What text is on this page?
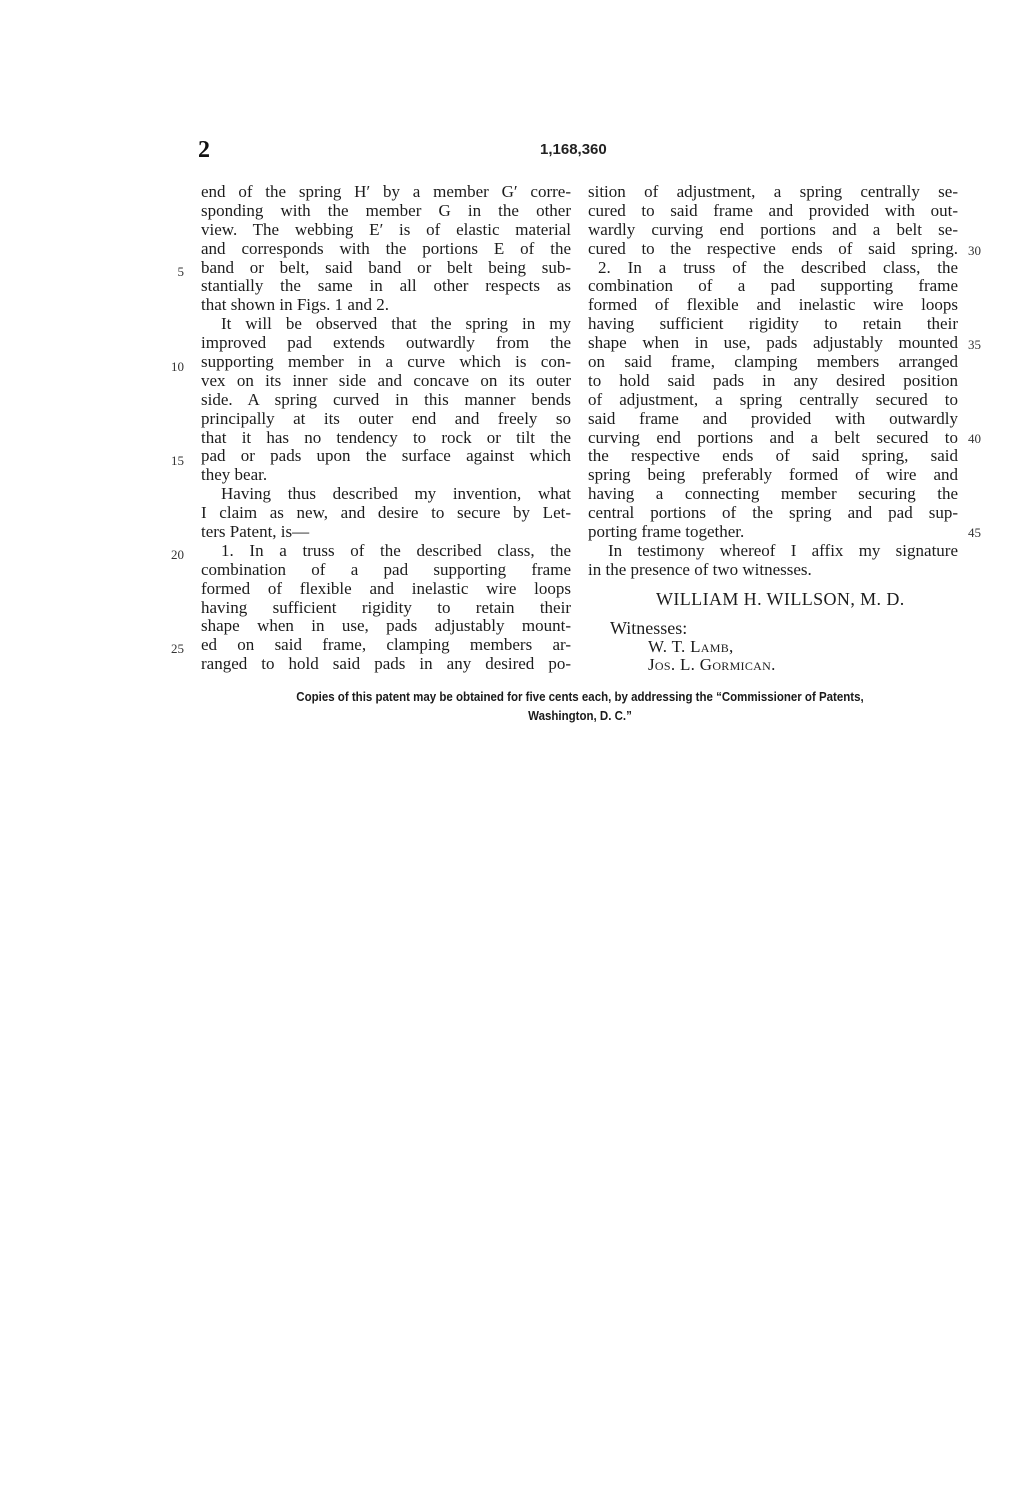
2	1,168,360
end of the spring H′ by a member G′ corre-
sponding with the member G in the other
view. The webbing E′ is of elastic material
and corresponds with the portions E of the
band or belt, said band or belt being sub-
stantially the same in all other respects as
that shown in Figs. 1 and 2.
It will be observed that the spring in my
improved pad extends outwardly from the
supporting member in a curve which is con-
vex on its inner side and concave on its outer
side. A spring curved in this manner bends
principally at its outer end and freely so
that it has no tendency to rock or tilt the
pad or pads upon the surface against which
they bear.
Having thus described my invention, what
I claim as new, and desire to secure by Let-
ters Patent, is—
1. In a truss of the described class, the
combination of a pad supporting frame
formed of flexible and inelastic wire loops
having sufficient rigidity to retain their
shape when in use, pads adjustably mount-
ed on said frame, clamping members ar-
ranged to hold said pads in any desired po-
5
10
15
20
25
sition of adjustment, a spring centrally se-
cured to said frame and provided with out-
wardly curving end portions and a belt se-
cured to the respective ends of said spring.
2. In a truss of the described class, the
combination of a pad supporting frame
formed of flexible and inelastic wire loops
having sufficient rigidity to retain their
shape when in use, pads adjustably mounted
on said frame, clamping members arranged
to hold said pads in any desired position
of adjustment, a spring centrally secured to
said frame and provided with outwardly
curving end portions and a belt secured to
the respective ends of said spring, said
spring being preferably formed of wire and
having a connecting member securing the
central portions of the spring and pad sup-
porting frame together.
In testimony whereof I affix my signature
in the presence of two witnesses.
30
35
40
45
WILLIAM H. WILLSON, M. D.
Witnesses:
W. T. Lamb,
Jos. L. Gormican.
Copies of this patent may be obtained for five cents each, by addressing the “Commissioner of Patents,
Washington, D. C.”
